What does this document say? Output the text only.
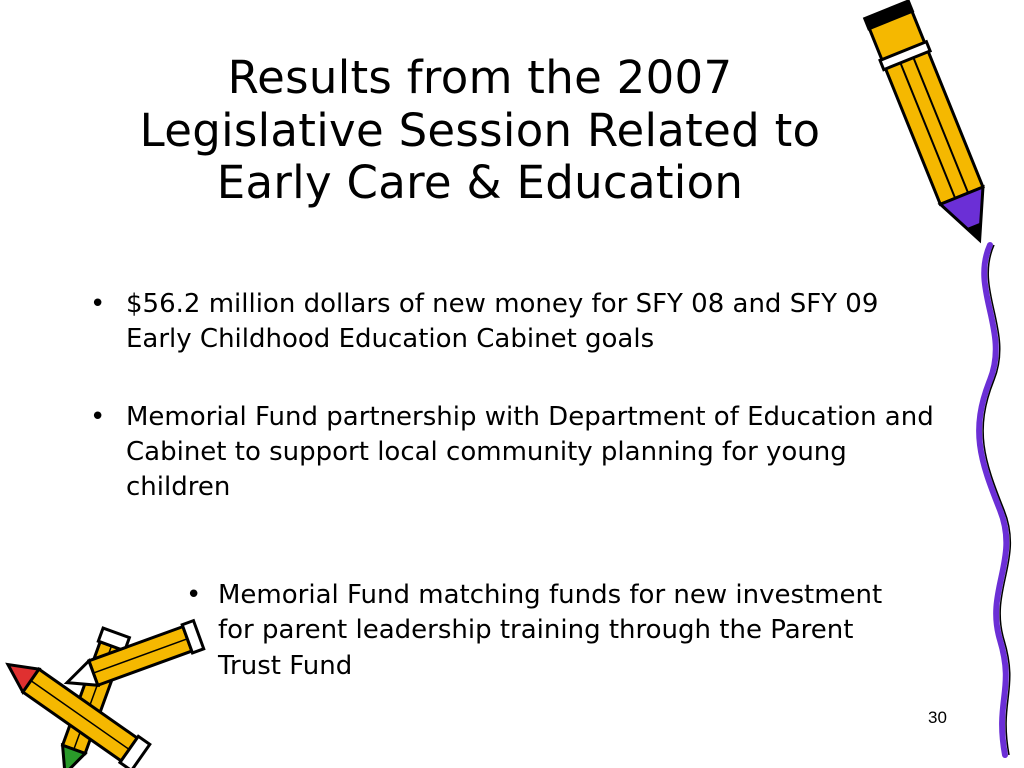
Results from the 2007
Legislative Session Related to
Early Care & Education
• $56.2 million dollars of new money for SFY 08 and SFY 09 Early Childhood Education Cabinet goals
• Memorial Fund partnership with Department of Education and Cabinet to support local community planning for young children
• Memorial Fund matching funds for new investment for parent leadership training through the Parent Trust Fund
30
